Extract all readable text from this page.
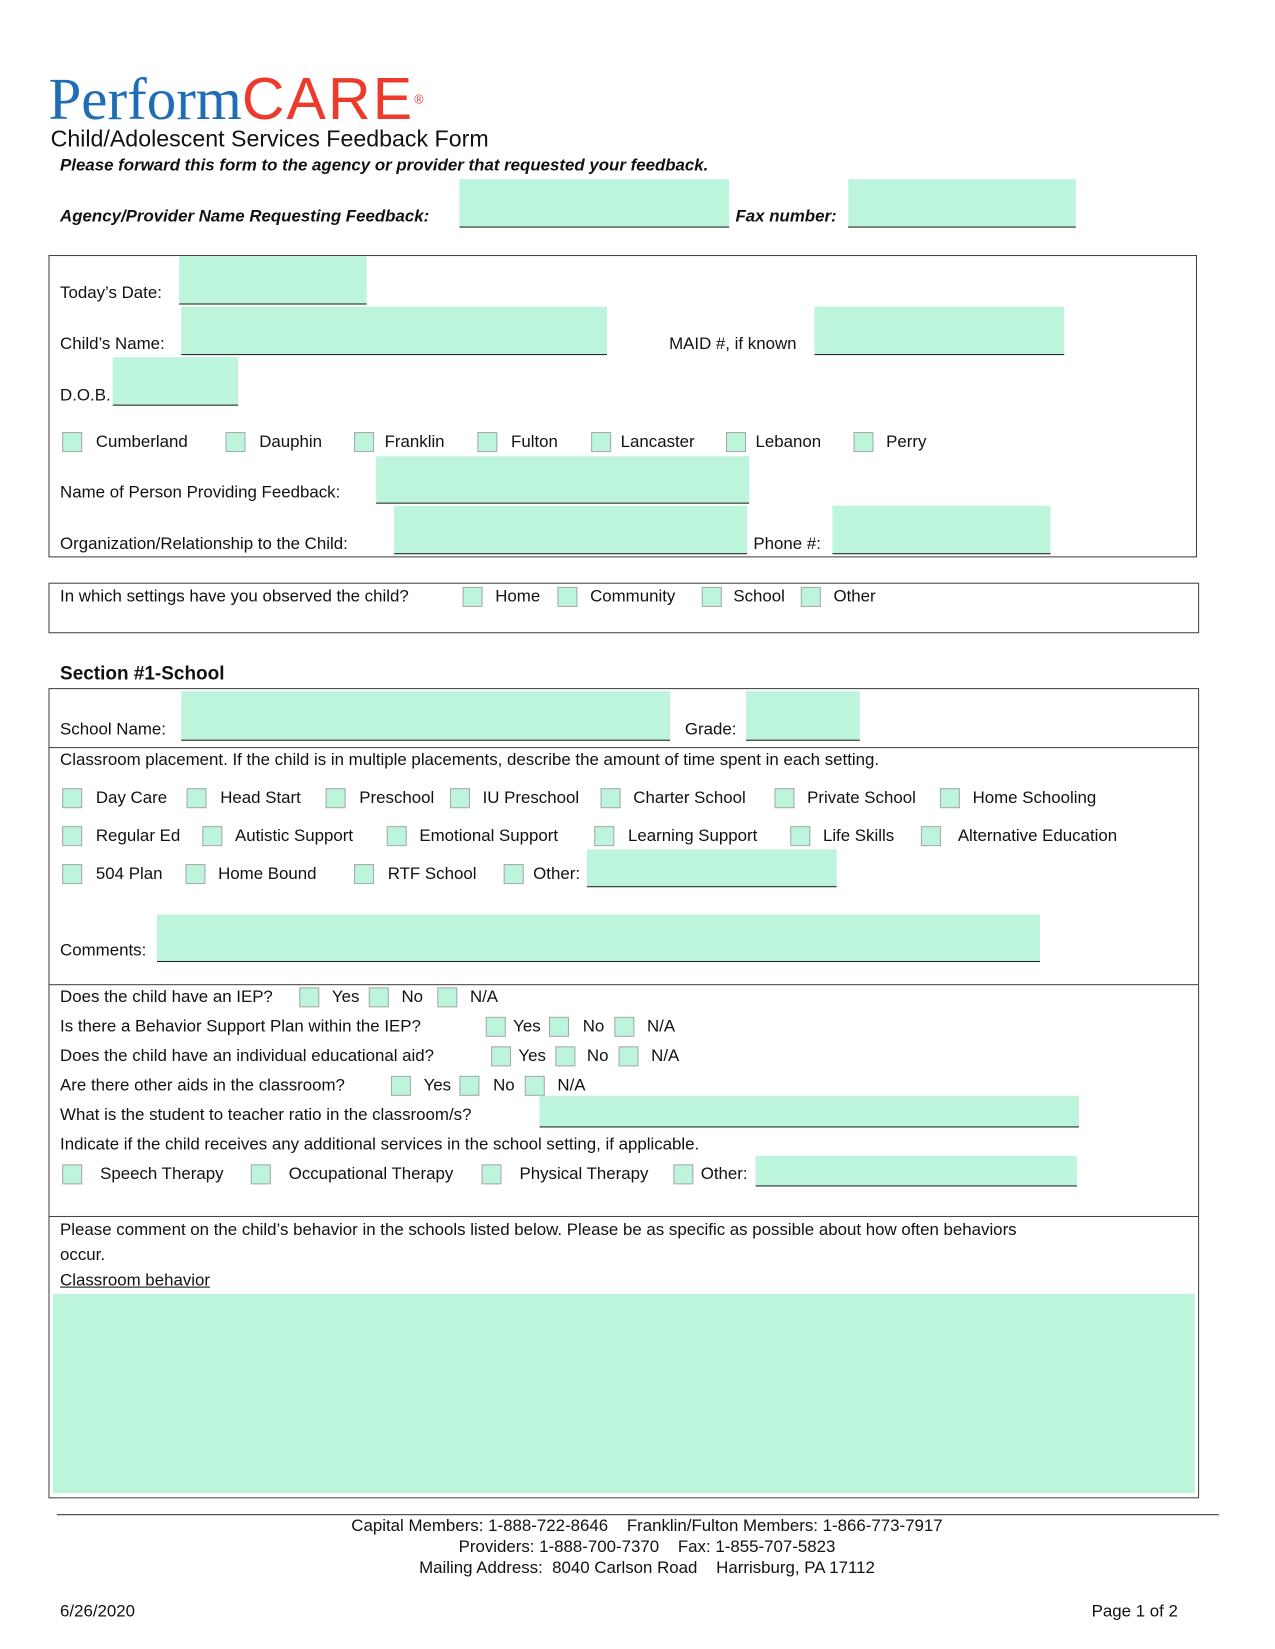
PerformCARE®
Child/Adolescent Services Feedback Form
Please forward this form to the agency or provider that requested your feedback.
Agency/Provider Name Requesting Feedback:	Fax number:
Today’s Date:
Child’s Name:	MAID #, if known
D.O.B.
Cumberland	Dauphin	Franklin	Fulton	Lancaster	Lebanon	Perry
Name of Person Providing Feedback:
Organization/Relationship to the Child:	Phone #:
In which settings have you observed the child?	Home	Community	School	Other
Section #1-School
School Name:	Grade:
Classroom placement. If the child is in multiple placements, describe the amount of time spent in each setting.
Day Care	Head Start	Preschool	IU Preschool	Charter School	Private School	Home Schooling
Regular Ed	Autistic Support	Emotional Support	Learning Support	Life Skills	Alternative Education
504 Plan	Home Bound	RTF School	Other:
Comments:
Does the child have an IEP?	Yes	No	N/A
Is there a Behavior Support Plan within the IEP?	Yes	No	N/A
Does the child have an individual educational aid?	Yes	No	N/A
Are there other aids in the classroom?	Yes	No	N/A
What is the student to teacher ratio in the classroom/s?
Indicate if the child receives any additional services in the school setting, if applicable.
Speech Therapy	Occupational Therapy	Physical Therapy	Other:
Please comment on the child’s behavior in the schools listed below. Please be as specific as possible about how often behaviors
occur.
Classroom behavior
Capital Members: 1-888-722-8646    Franklin/Fulton Members: 1-866-773-7917
Providers: 1-888-700-7370    Fax: 1-855-707-5823
Mailing Address:  8040 Carlson Road    Harrisburg, PA 17112
6/26/2020	Page 1 of 2
